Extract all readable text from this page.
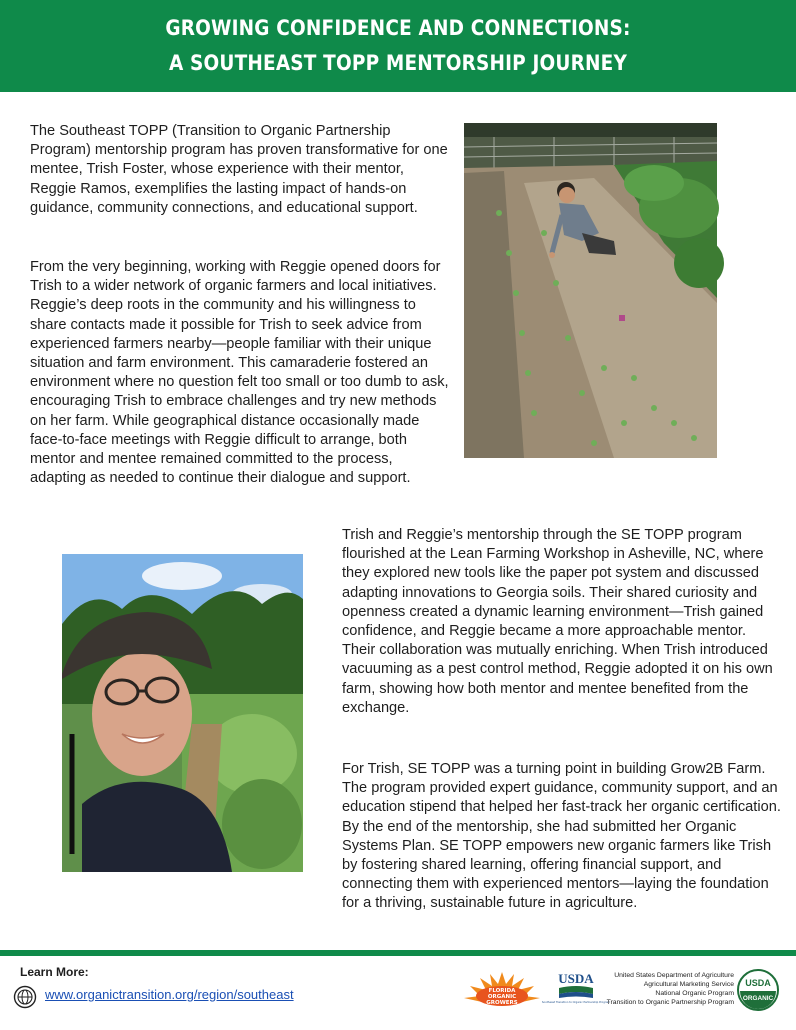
GROWING CONFIDENCE AND CONNECTIONS:
A SOUTHEAST TOPP MENTORSHIP JOURNEY

The Southeast TOPP (Transition to Organic Partnership Program) mentorship program has proven transformative for one mentee, Trish Foster, whose experience with their mentor, Reggie Ramos, exemplifies the lasting impact of hands-on guidance, community connections, and educational support.

From the very beginning, working with Reggie opened doors for Trish to a wider network of organic farmers and local initiatives. Reggie’s deep roots in the community and his willingness to share contacts made it possible for Trish to seek advice from experienced farmers nearby—people familiar with their unique situation and farm environment. This camaraderie fostered an environment where no question felt too small or too dumb to ask, encouraging Trish to embrace challenges and try new methods on her farm. While geographical distance occasionally made face-to-face meetings with Reggie difficult to arrange, both mentor and mentee remained committed to the process, adapting as needed to continue their dialogue and support.

Trish and Reggie’s mentorship through the SE TOPP program flourished at the Lean Farming Workshop in Asheville, NC, where they explored new tools like the paper pot system and discussed adapting innovations to Georgia soils. Their shared curiosity and openness created a dynamic learning environment—Trish gained confidence, and Reggie became a more approachable mentor. Their collaboration was mutually enriching. When Trish introduced vacuuming as a pest control method, Reggie adopted it on his own farm, showing how both mentor and mentee benefited from the exchange.

For Trish, SE TOPP was a turning point in building Grow2B Farm. The program provided expert guidance, community support, and an education stipend that helped her fast-track her organic certification. By the end of the mentorship, she had submitted her Organic Systems Plan. SE TOPP empowers new organic farmers like Trish by fostering shared learning, offering financial support, and connecting them with experienced mentors—laying the foundation for a thriving, sustainable future in agriculture.

Learn More:
www.organictransition.org/region/southeast	FLORIDA
ORGANIC
GROWERS
USDA
Southeast Transition to Organic Partnership Program
United States Department of Agriculture
Agricultural Marketing Service
National Organic Program
Transition to Organic Partnership Program
USDA
ORGANIC
